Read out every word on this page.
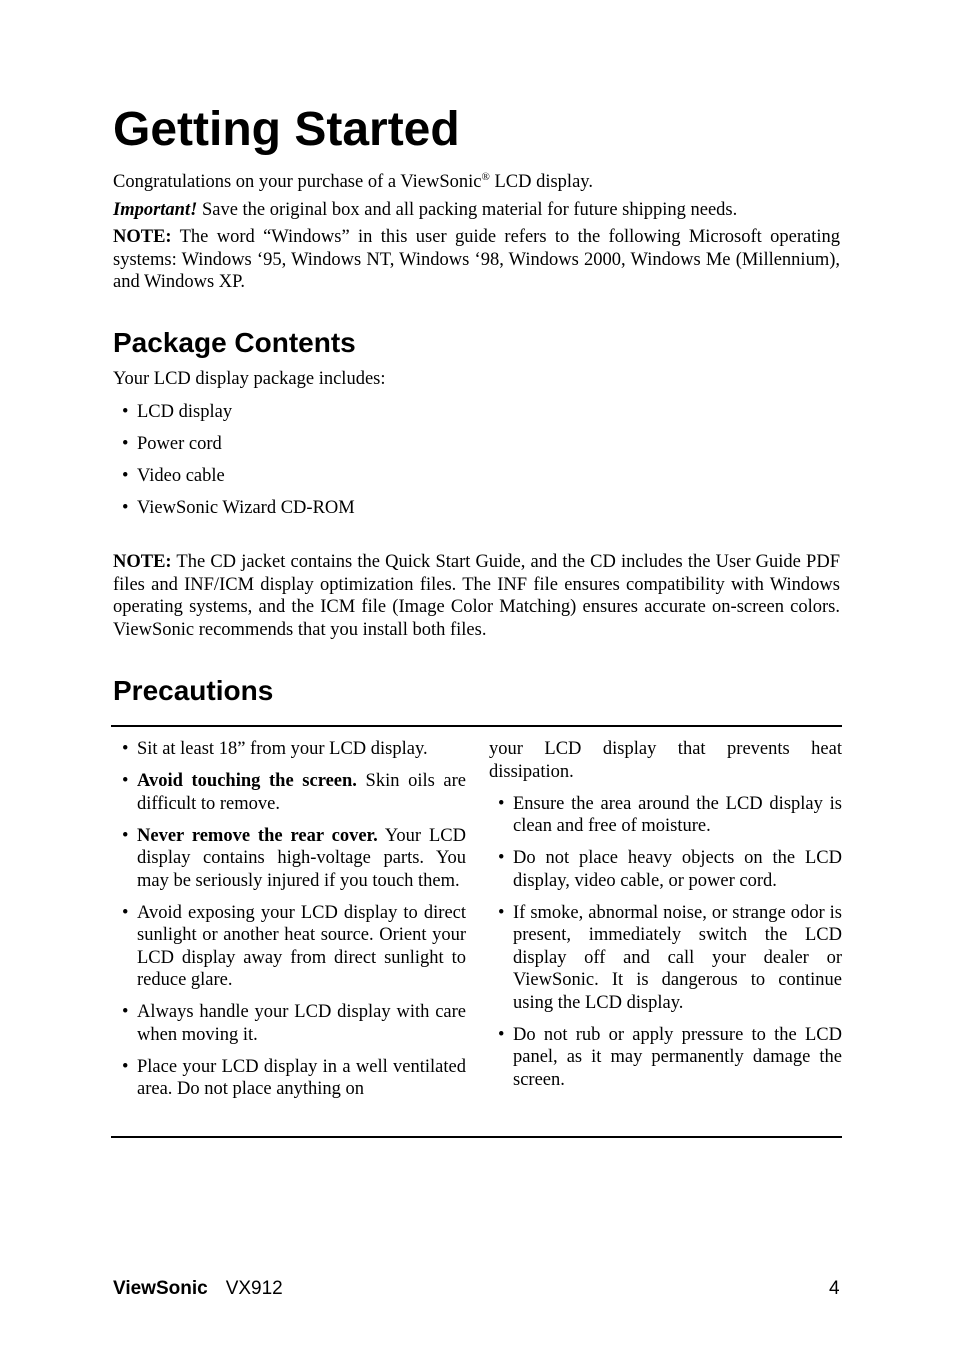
Getting Started

Congratulations on your purchase of a ViewSonic® LCD display.

Important! Save the original box and all packing material for future shipping needs.

NOTE: The word “Windows” in this user guide refers to the following Microsoft operating systems: Windows ‘95, Windows NT, Windows ‘98, Windows 2000, Windows Me (Millennium), and Windows XP.

Package Contents

Your LCD display package includes:

• LCD display
• Power cord
• Video cable
• ViewSonic Wizard CD-ROM

NOTE: The CD jacket contains the Quick Start Guide, and the CD includes the User Guide PDF files and INF/ICM display optimization files. The INF file ensures compatibility with Windows operating systems, and the ICM file (Image Color Matching) ensures accurate on-screen colors. ViewSonic recommends that you install both files.

Precautions
• Sit at least 18” from your LCD display.
• Avoid touching the screen. Skin oils are difficult to remove.
• Never remove the rear cover. Your LCD display contains high-voltage parts. You may be seriously injured if you touch them.
• Avoid exposing your LCD display to direct sunlight or another heat source. Orient your LCD display away from direct sunlight to reduce glare.
• Always handle your LCD display with care when moving it.
• Place your LCD display in a well ventilated area. Do not place anything on
your LCD display that prevents heat dissipation.
• Ensure the area around the LCD display is clean and free of moisture.
• Do not place heavy objects on the LCD display, video cable, or power cord.
• If smoke, abnormal noise, or strange odor is present, immediately switch the LCD display off and call your dealer or ViewSonic. It is dangerous to continue using the LCD display.
• Do not rub or apply pressure to the LCD panel, as it may permanently damage the screen.
ViewSonic VX912	4
